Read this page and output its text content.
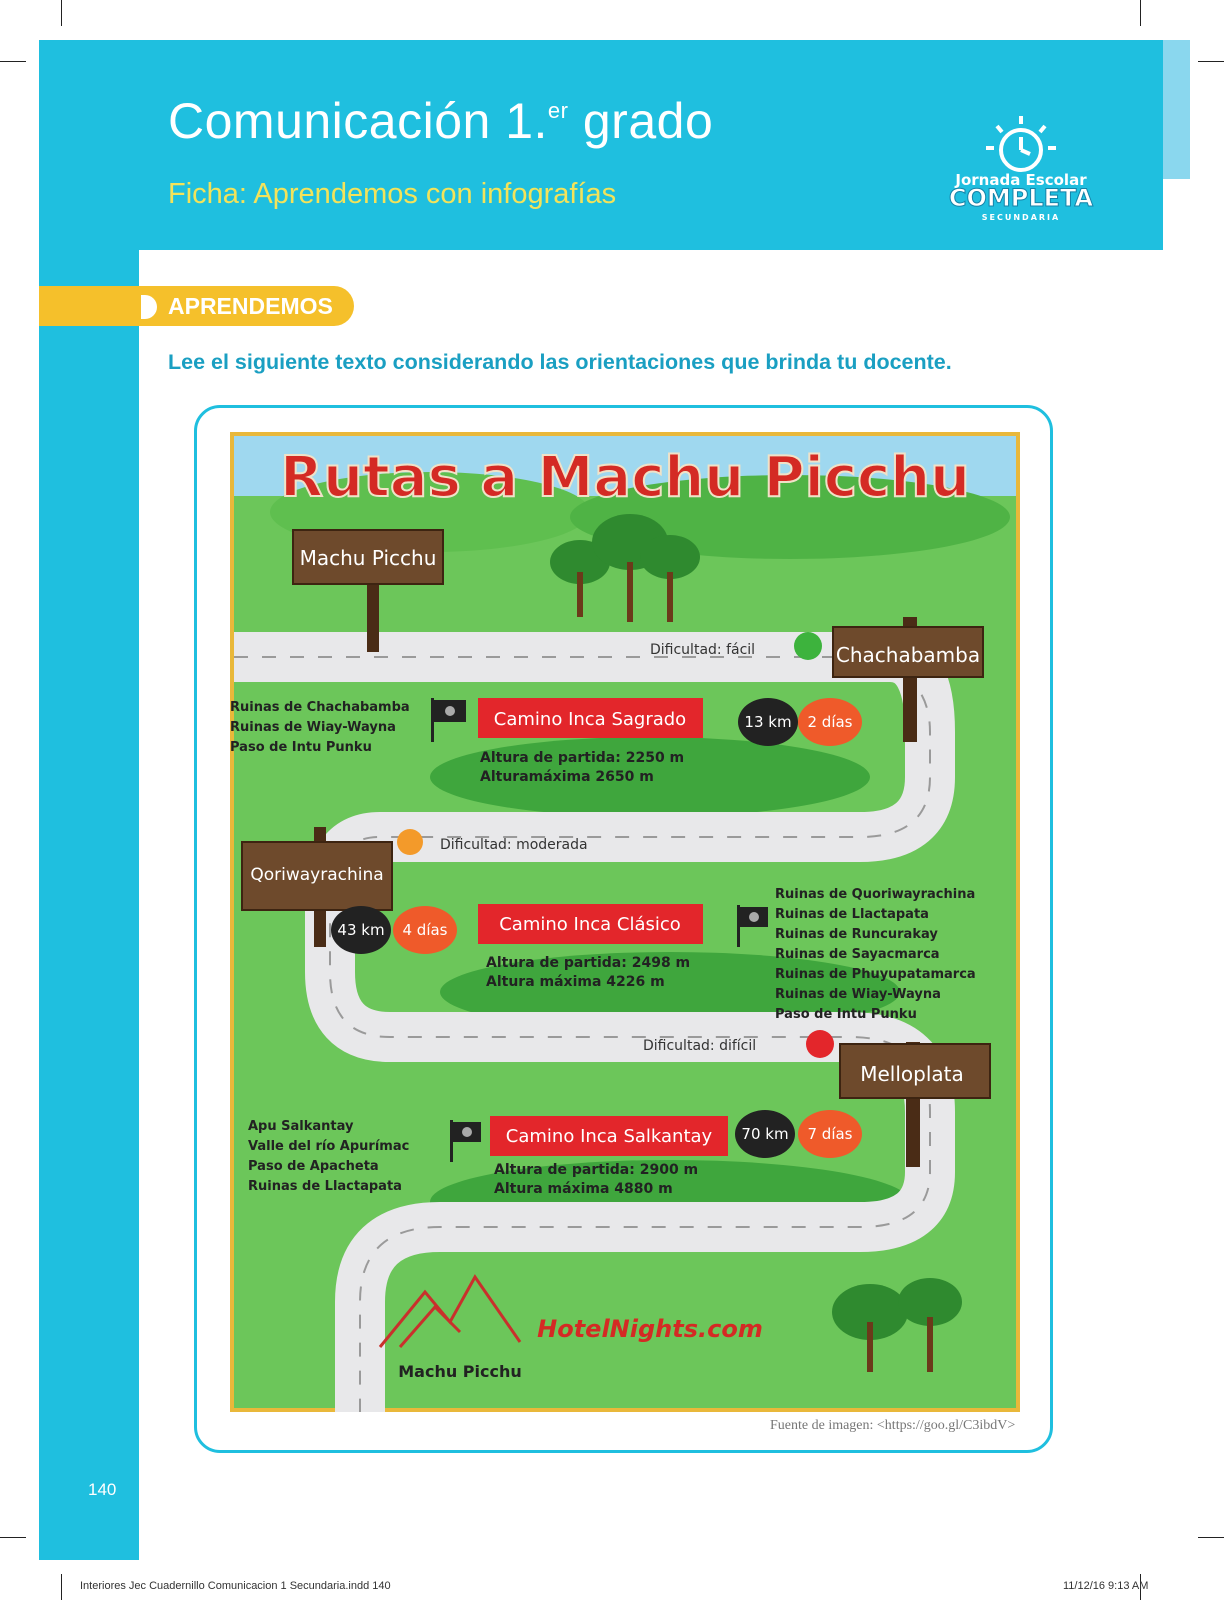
Comunicación 1.$^{er}$ grado
Ficha: Aprendemos con infografías	Jornada Escolar
COMPLETA
SECUNDARIA
APRENDEMOS
Lee el siguiente texto considerando las orientaciones que brinda tu docente.
Rutas a Machu Picchu
Machu Picchu
Chachabamba
Qoriwayrachina
Melloplata
Dificultad: fácil
Dificultad: moderada
Dificultad: difícil
Ruinas de Chachabamba
Ruinas de Wiay-Wayna
Paso de Intu Punku
Camino Inca Sagrado
Altura de partida: 2250 m
Alturamáxima 2650 m
13 km 2 días
43 km 4 días	Camino Inca Clásico
Altura de partida: 2498 m
Altura máxima 4226 m
Ruinas de Quoriwayrachina
Ruinas de Llactapata
Ruinas de Runcurakay
Ruinas de Sayacmarca
Ruinas de Phuyupatamarca
Ruinas de Wiay-Wayna
Paso de Intu Punku
Apu Salkantay
Valle del río Apurímac
Paso de Apacheta
Ruinas de Llactapata
Camino Inca Salkantay
Altura de partida: 2900 m
Altura máxima 4880 m
70 km 7 días
Machu Picchu
HotelNights.com
Fuente de imagen: <https://goo.gl/C3ibdV>
140
Interiores Jec Cuadernillo Comunicacion 1 Secundaria.indd 140	11/12/16 9:13 AM
